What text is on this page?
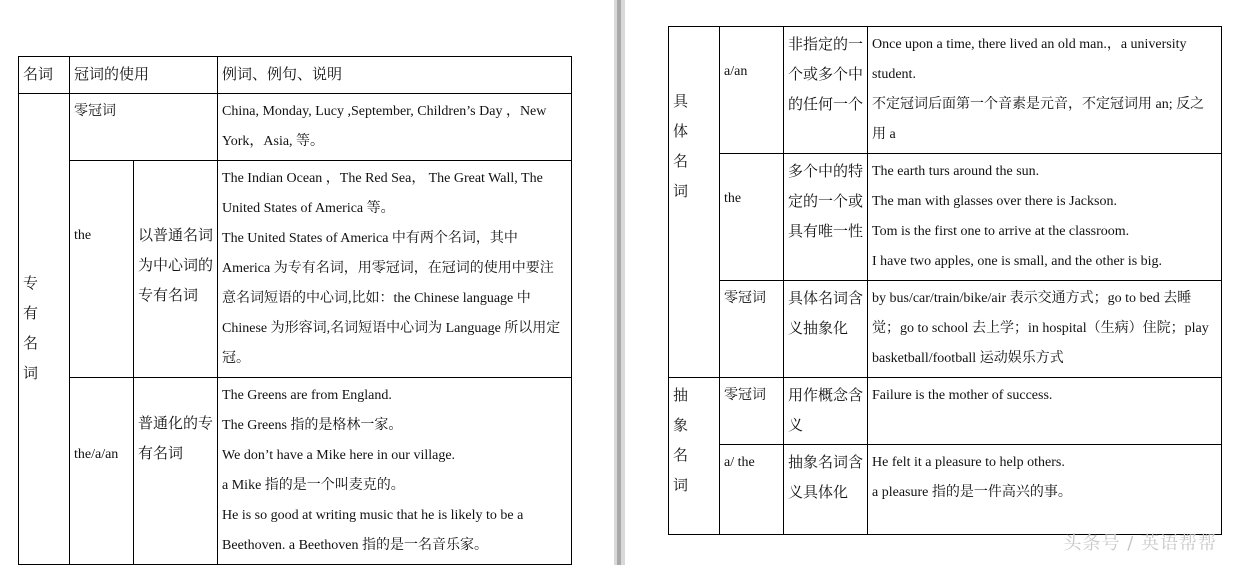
名词	冠词的使用		例词、例句、说明

专有名词	零冠词		China, Monday, Lucy ,September, Children’s Day ，New York，Asia, 等。

	the	以普通名词为中心词的专有名词	The Indian Ocean ，The Red Sea， The Great Wall, The United States of America 等。
The United States of America 中有两个名词，其中 America 为专有名词，用零冠词，在冠词的使用中要注意名词短语的中心词,比如：the Chinese language 中 Chinese 为形容词,名词短语中心词为 Language 所以用定冠。

	the/a/an	普通化的专有名词	The Greens are from England.
The Greens 指的是格林一家。
We don’t have a Mike here in our village.
a Mike 指的是一个叫麦克的。
He is so good at writing music that he is likely to be a Beethoven. a Beethoven 指的是一名音乐家。
具体名词	a/an	非指定的一个或多个中的任何一个	Once upon a time, there lived an old man.，a university student.
不定冠词后面第一个音素是元音，不定冠词用 an; 反之用 a

	the	多个中的特定的一个或具有唯一性	The earth turs around the sun.
The man with glasses over there is Jackson.
Tom is the first one to arrive at the classroom.
I have two apples, one is small, and the other is big.

	零冠词	具体名词含义抽象化	by bus/car/train/bike/air 表示交通方式；go to bed 去睡觉；go to school 去上学；in hospital（生病）住院；play basketball/football 运动娱乐方式

抽象名词	零冠词	用作概念含义	Failure is the mother of success.

	a/ the	抽象名词含义具体化	He felt it a pleasure to help others.
a pleasure 指的是一件高兴的事。
头条号 / 英语帮帮
